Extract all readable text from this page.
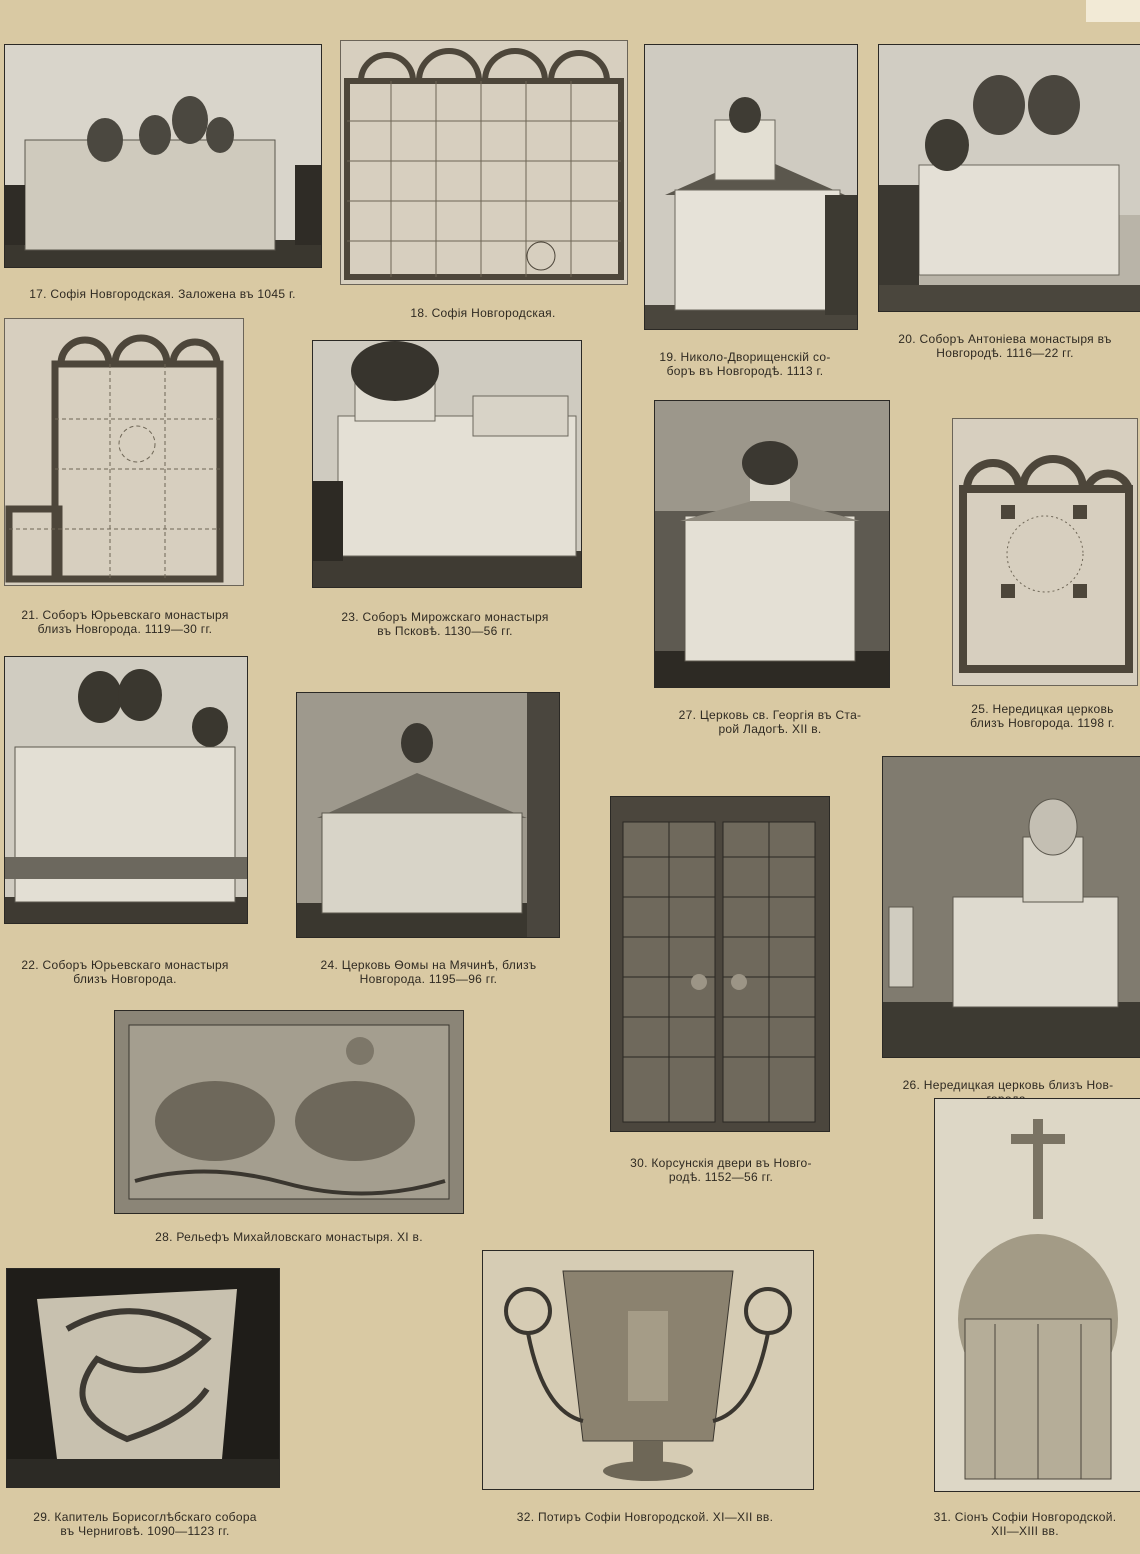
17. Софія Новгородская. Заложена въ 1045 г.
18. Софія Новгородская.
19. Николо-Дворищенскій со-
боръ въ Новгородѣ. 1113 г.
20. Соборъ Антоніева монастыря въ
Новгородѣ. 1116—22 гг.
21. Соборъ Юрьевскаго монастыря
близъ Новгорода. 1119—30 гг.
23. Соборъ Мирожскаго монастыря
въ Псковѣ. 1130—56 гг.
27. Церковь св. Георгія въ Ста-
рой Ладогѣ. XII в.
25. Нередицкая церковь
близъ Новгорода. 1198 г.
22. Соборъ Юрьевскаго монастыря
близъ Новгорода.
24. Церковь Ѳомы на Мячинѣ, близъ
Новгорода. 1195—96 гг.
26. Нередицкая церковь близъ Нов-
30. Корсунскія двери въ Новго-
родѣ. 1152—56 гг.
28. Рельефъ Михайловскаго монастыря. XI в.
29. Капитель Борисоглѣбскаго собора
въ Черниговѣ. 1090—1123 гг.
32. Потиръ Софіи Новгородской. XI—XII вв.	31. Сіонъ Софіи Новгородской.
XII—XIII вв.
